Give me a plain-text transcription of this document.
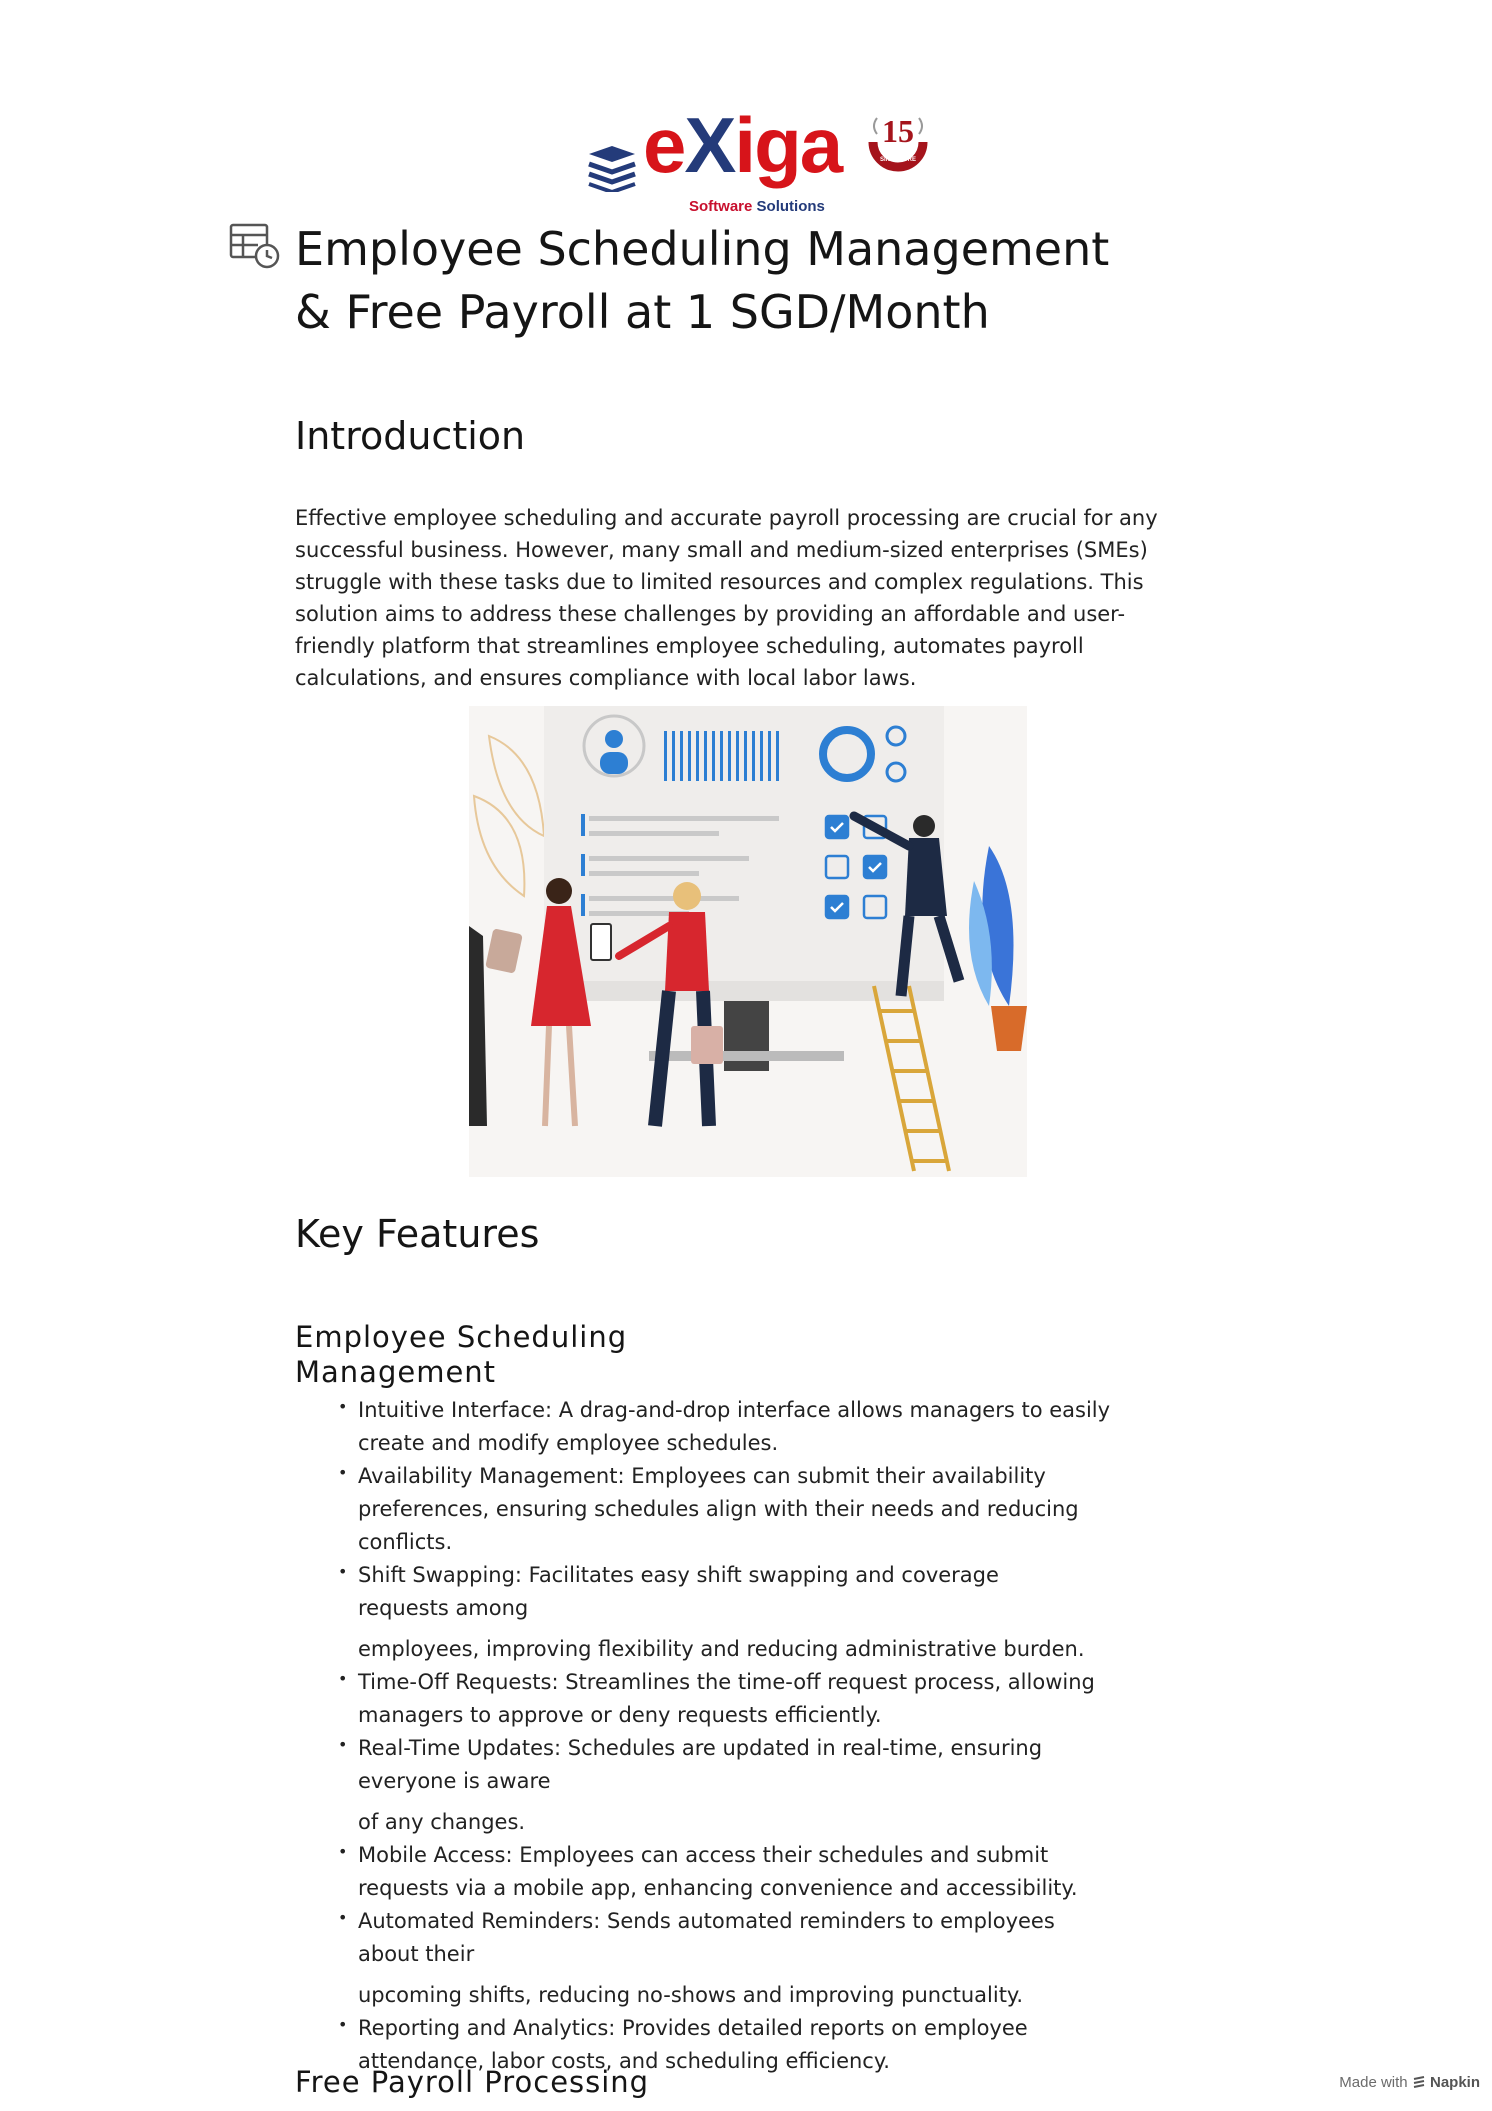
eXiga
Software Solutions
15
SINGAPORE
Employee Scheduling Management
& Free Payroll at 1 SGD/Month
Introduction

Effective employee scheduling and accurate payroll processing are crucial for any
successful business. However, many small and medium-sized enterprises (SMEs)
struggle with these tasks due to limited resources and complex regulations. This
solution aims to address these challenges by providing an affordable and user-
friendly platform that streamlines employee scheduling, automates payroll
calculations, and ensures compliance with local labor laws.

Key Features
Employee Scheduling
Management
• Intuitive Interface: A drag-and-drop interface allows managers to easily
create and modify employee schedules.
• Availability Management: Employees can submit their availability
preferences, ensuring schedules align with their needs and reducing
conflicts.
• Shift Swapping: Facilitates easy shift swapping and coverage
requests among
employees, improving flexibility and reducing administrative burden.
• Time-Off Requests: Streamlines the time-off request process, allowing
managers to approve or deny requests efficiently.
• Real-Time Updates: Schedules are updated in real-time, ensuring
everyone is aware
of any changes.
• Mobile Access: Employees can access their schedules and submit
requests via a mobile app, enhancing convenience and accessibility.
• Automated Reminders: Sends automated reminders to employees
about their
upcoming shifts, reducing no-shows and improving punctuality.
• Reporting and Analytics: Provides detailed reports on employee
attendance, labor costs, and scheduling efficiency.
Free Payroll Processing	Made with Napkin
